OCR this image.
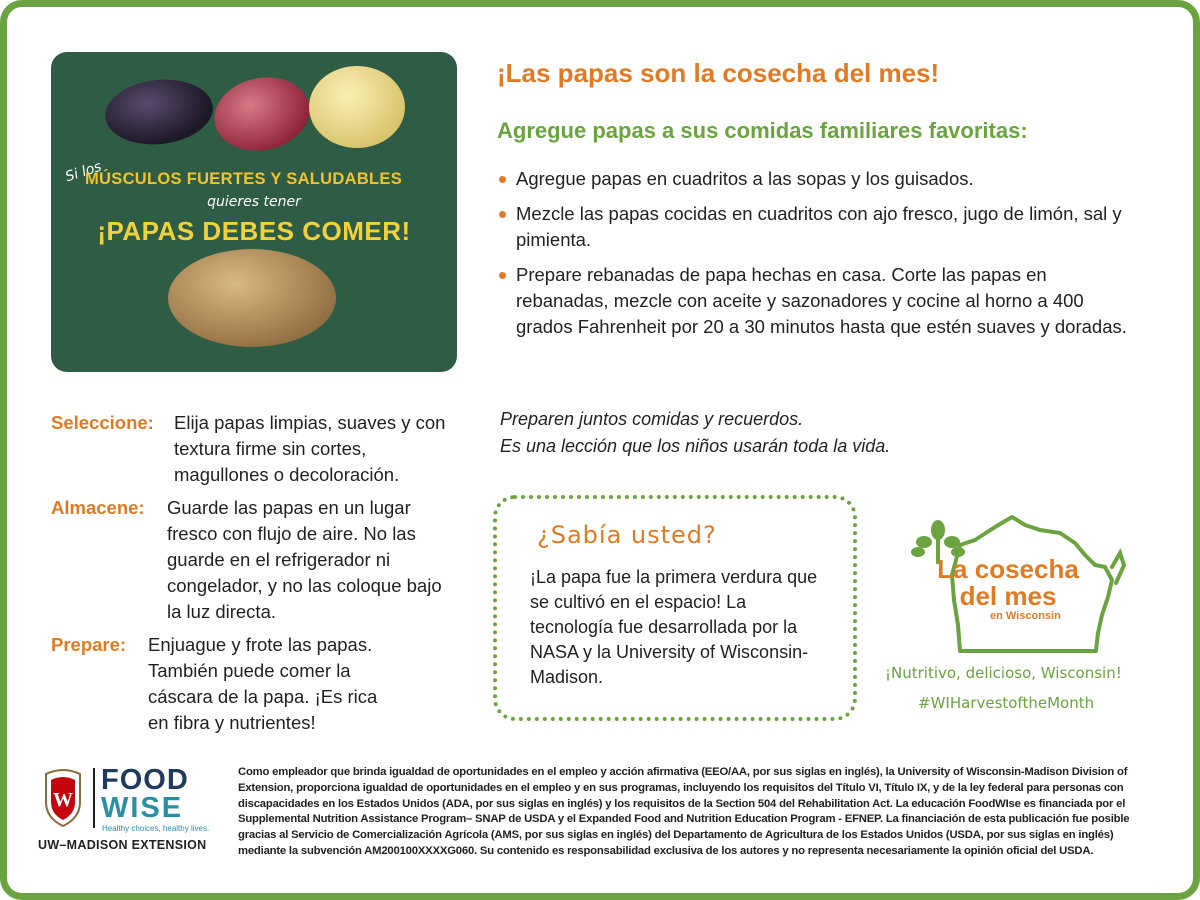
Si los
MÚSCULOS FUERTES Y SALUDABLES
quieres tener
¡PAPAS DEBES COMER!
¡Las papas son la cosecha del mes!
Agregue papas a sus comidas familiares favoritas:
Agregue papas en cuadritos a las sopas y los guisados.
Mezcle las papas cocidas en cuadritos con ajo fresco, jugo de limón, sal y pimienta.
Prepare rebanadas de papa hechas en casa. Corte las papas en rebanadas, mezcle con aceite y sazonadores y cocine al horno a 400 grados Fahrenheit por 20 a 30 minutos hasta que estén suaves y doradas.
Preparen juntos comidas y recuerdos.
Es una lección que los niños usarán toda la vida.
Seleccione: Elija papas limpias, suaves y con textura firme sin cortes, magullones o decoloración.
Almacene: Guarde las papas en un lugar fresco con flujo de aire. No las guarde en el refrigerador ni congelador, y no las coloque bajo la luz directa.
Prepare: Enjuague y frote las papas. También puede comer la cáscara de la papa. ¡Es rica en fibra y nutrientes!
¿Sabía usted?
¡La papa fue la primera verdura que se cultivó en el espacio! La tecnología fue desarrollada por la NASA y la University of Wisconsin-Madison.
La cosecha
del mes
en Wisconsin
¡Nutritivo, delicioso, Wisconsin!
#WIHarvestoftheMonth
W
FOOD
WISE
Healthy choices, healthy lives.
UW–MADISON EXTENSION
Como empleador que brinda igualdad de oportunidades en el empleo y acción afirmativa (EEO/AA, por sus siglas en inglés), la University of Wisconsin-Madison Division of Extension, proporciona igualdad de oportunidades en el empleo y en sus programas, incluyendo los requisitos del Título VI, Título IX, y de la ley federal para personas con discapacidades en los Estados Unidos (ADA, por sus siglas en inglés) y los requisitos de la Section 504 del Rehabilitation Act. La educación FoodWIse es financiada por el Supplemental Nutrition Assistance Program– SNAP de USDA y el Expanded Food and Nutrition Education Program - EFNEP. La financiación de esta publicación fue posible gracias al Servicio de Comercialización Agrícola (AMS, por sus siglas en inglés) del Departamento de Agricultura de los Estados Unidos (USDA, por sus siglas en inglés) mediante la subvención AM200100XXXXG060. Su contenido es responsabilidad exclusiva de los autores y no representa necesariamente la opinión oficial del USDA.
